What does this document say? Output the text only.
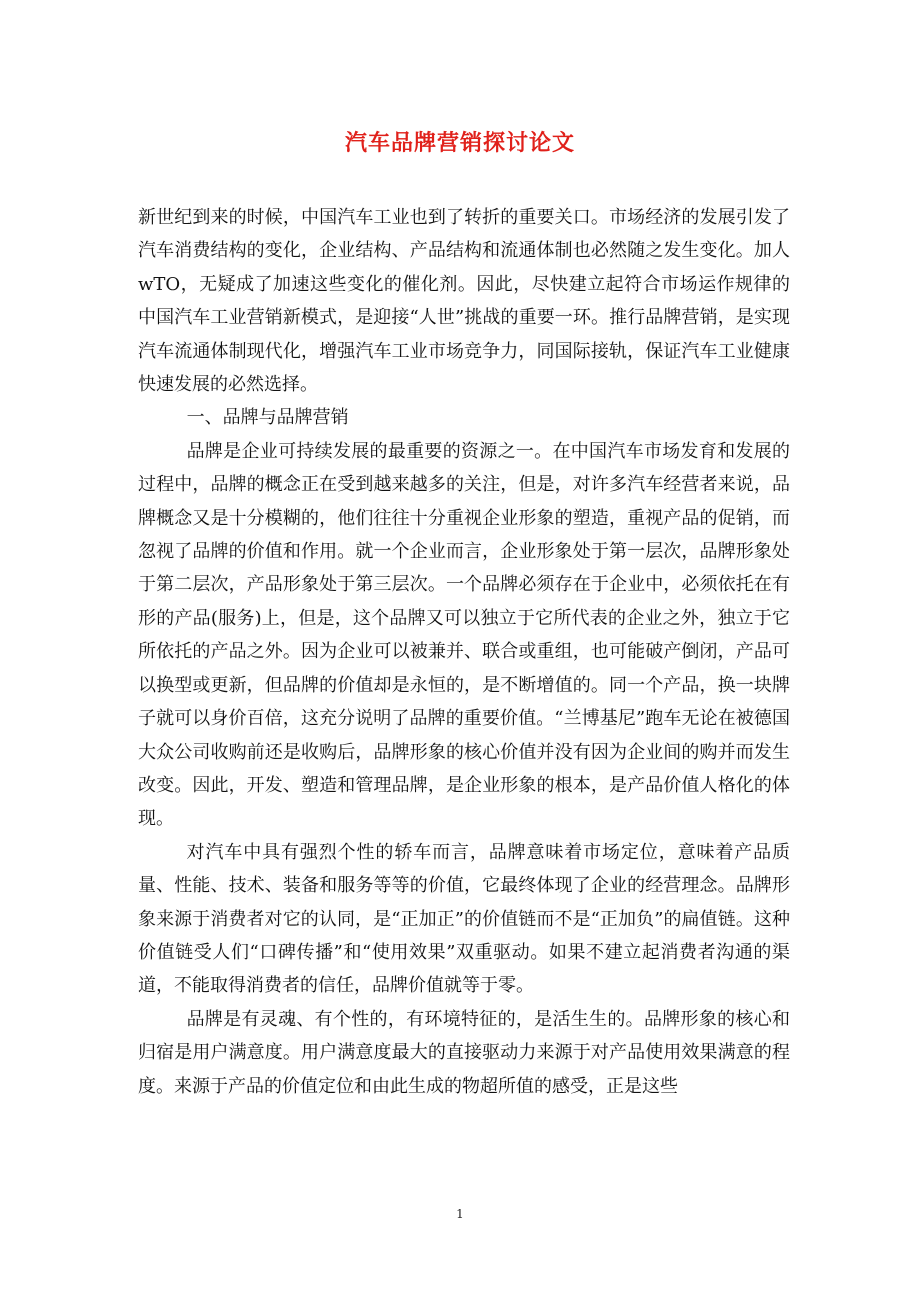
汽车品牌营销探讨论文

新世纪到来的时候，中国汽车工业也到了转折的重要关口。市场经济的发展引发了汽车消费结构的变化，企业结构、产品结构和流通体制也必然随之发生变化。加人wTO，无疑成了加速这些变化的催化剂。因此，尽快建立起符合市场运作规律的中国汽车工业营销新模式，是迎接“人世”挑战的重要一环。推行品牌营销，是实现汽车流通体制现代化，增强汽车工业市场竞争力，同国际接轨，保证汽车工业健康快速发展的必然选择。

一、品牌与品牌营销

品牌是企业可持续发展的最重要的资源之一。在中国汽车市场发育和发展的过程中，品牌的概念正在受到越来越多的关注，但是，对许多汽车经营者来说，品牌概念又是十分模糊的，他们往往十分重视企业形象的塑造，重视产品的促销，而忽视了品牌的价值和作用。就一个企业而言，企业形象处于第一层次，品牌形象处于第二层次，产品形象处于第三层次。一个品牌必须存在于企业中，必须依托在有形的产品(服务)上，但是，这个品牌又可以独立于它所代表的企业之外，独立于它所依托的产品之外。因为企业可以被兼并、联合或重组，也可能破产倒闭，产品可以换型或更新，但品牌的价值却是永恒的，是不断增值的。同一个产品，换一块牌子就可以身价百倍，这充分说明了品牌的重要价值。“兰博基尼”跑车无论在被德国大众公司收购前还是收购后，品牌形象的核心价值并没有因为企业间的购并而发生改变。因此，开发、塑造和管理品牌，是企业形象的根本，是产品价值人格化的体现。

对汽车中具有强烈个性的轿车而言，品牌意味着市场定位，意味着产品质量、性能、技术、装备和服务等等的价值，它最终体现了企业的经营理念。品牌形象来源于消费者对它的认同，是“正加正”的价值链而不是“正加负”的扁值链。这种价值链受人们“口碑传播”和“使用效果”双重驱动。如果不建立起消费者沟通的渠道，不能取得消费者的信任，品牌价值就等于零。

品牌是有灵魂、有个性的，有环境特征的，是活生生的。品牌形象的核心和归宿是用户满意度。用户满意度最大的直接驱动力来源于对产品使用效果满意的程度。来源于产品的价值定位和由此生成的物超所值的感受，正是这些

1
